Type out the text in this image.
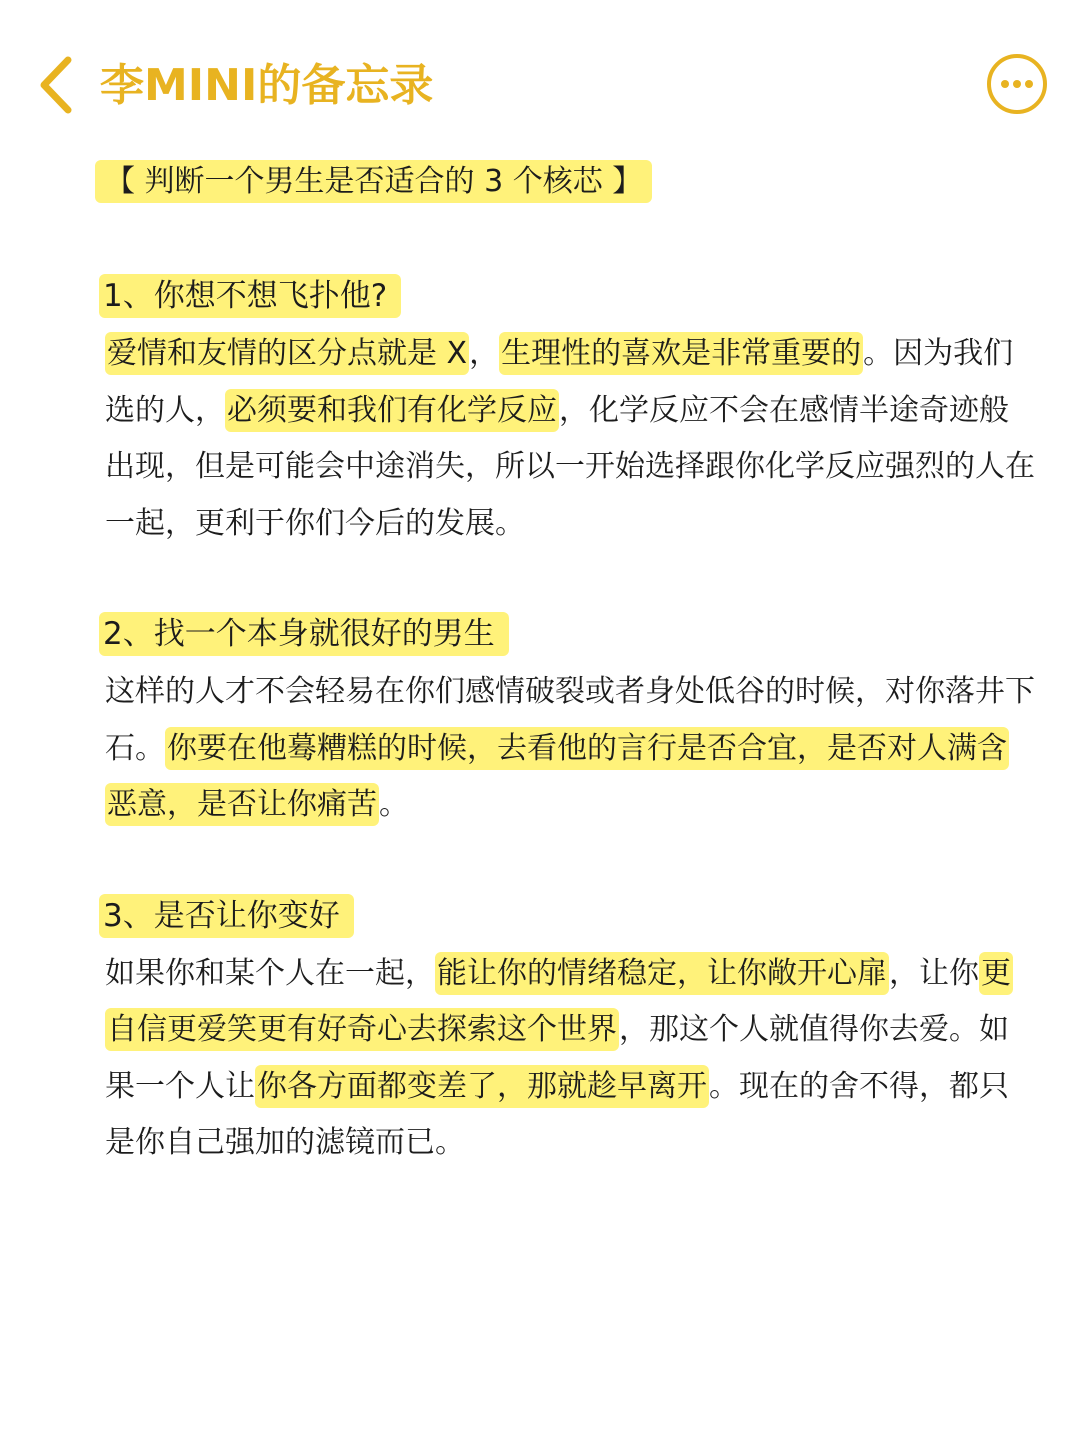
李MINI的备忘录
【 判断一个男生是否适合的 3 个核芯 】
1、你想不想飞扑他?

爱情和友情的区分点就是 X，生理性的喜欢是非常重要的。因为我们选的人，必须要和我们有化学反应，化学反应不会在感情半途奇迹般出现，但是可能会中途消失，所以一开始选择跟你化学反应强烈的人在一起，更利于你们今后的发展。

2、找一个本身就很好的男生

这样的人才不会轻易在你们感情破裂或者身处低谷的时候，对你落井下石。你要在他蓦糟糕的时候，去看他的言行是否合宜，是否对人满含恶意，是否让你痛苦。

3、是否让你变好

如果你和某个人在一起，能让你的情绪稳定，让你敞开心扉，让你更自信更爱笑更有好奇心去探索这个世界，那这个人就值得你去爱。如果一个人让你各方面都变差了，那就趁早离开。现在的舍不得，都只是你自己强加的滤镜而已。
